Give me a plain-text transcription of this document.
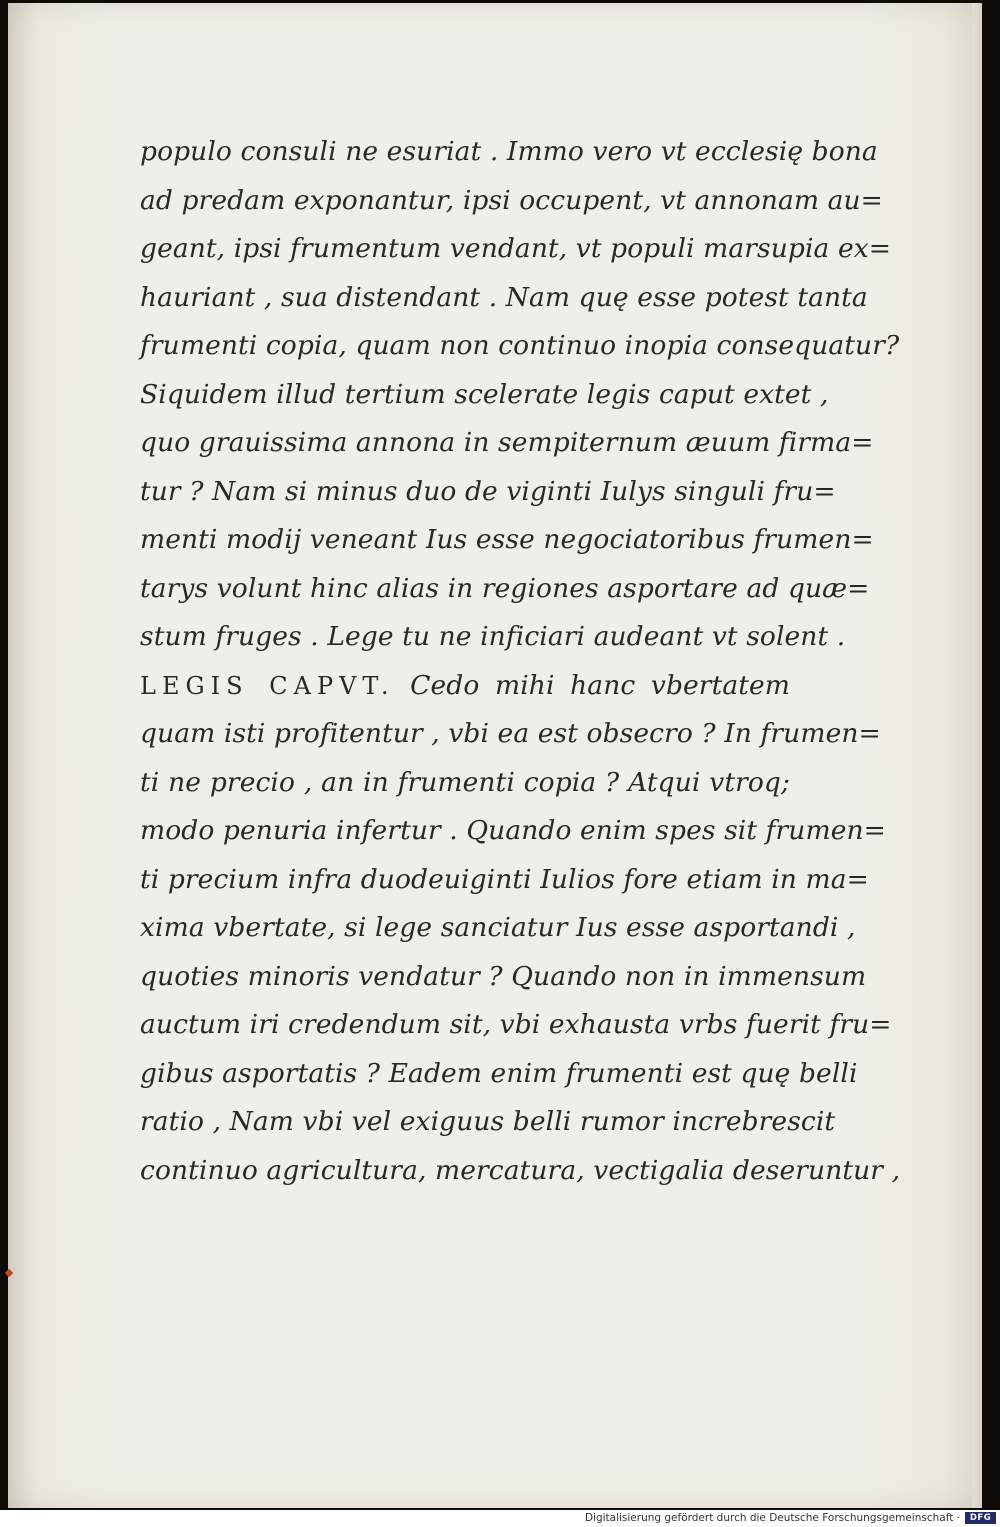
populo consuli ne esuriat . Immo vero vt ecclesię bona
ad predam exponantur, ipsi occupent, vt annonam au=
geant, ipsi frumentum vendant, vt populi marsupia ex=
hauriant , sua distendant . Nam quę esse potest tanta
frumenti copia, quam non continuo inopia consequatur?
Siquidem illud tertium scelerate legis caput extet ,
quo grauissima annona in sempiternum æuum firma=
tur ? Nam si minus duo de viginti Iulys singuli fru=
menti modij veneant Ius esse negociatoribus frumen=
tarys volunt hinc alias in regiones asportare ad quæ=
stum fruges . Lege tu ne inficiari audeant vt solent .
LEGIS CAPVT. Cedo mihi hanc vbertatem
quam isti profitentur , vbi ea est obsecro ? In frumen=
ti ne precio , an in frumenti copia ? Atqui vtroq;
modo penuria infertur . Quando enim spes sit frumen=
ti precium infra duodeuiginti Iulios fore etiam in ma=
xima vbertate, si lege sanciatur Ius esse asportandi ,
quoties minoris vendatur ? Quando non in immensum
auctum iri credendum sit, vbi exhausta vrbs fuerit fru=
gibus asportatis ? Eadem enim frumenti est quę belli
ratio , Nam vbi vel exiguus belli rumor increbrescit
continuo agricultura, mercatura, vectigalia deseruntur ,
Digitalisierung gefördert durch die Deutsche Forschungsgemeinschaft ·	DFG
